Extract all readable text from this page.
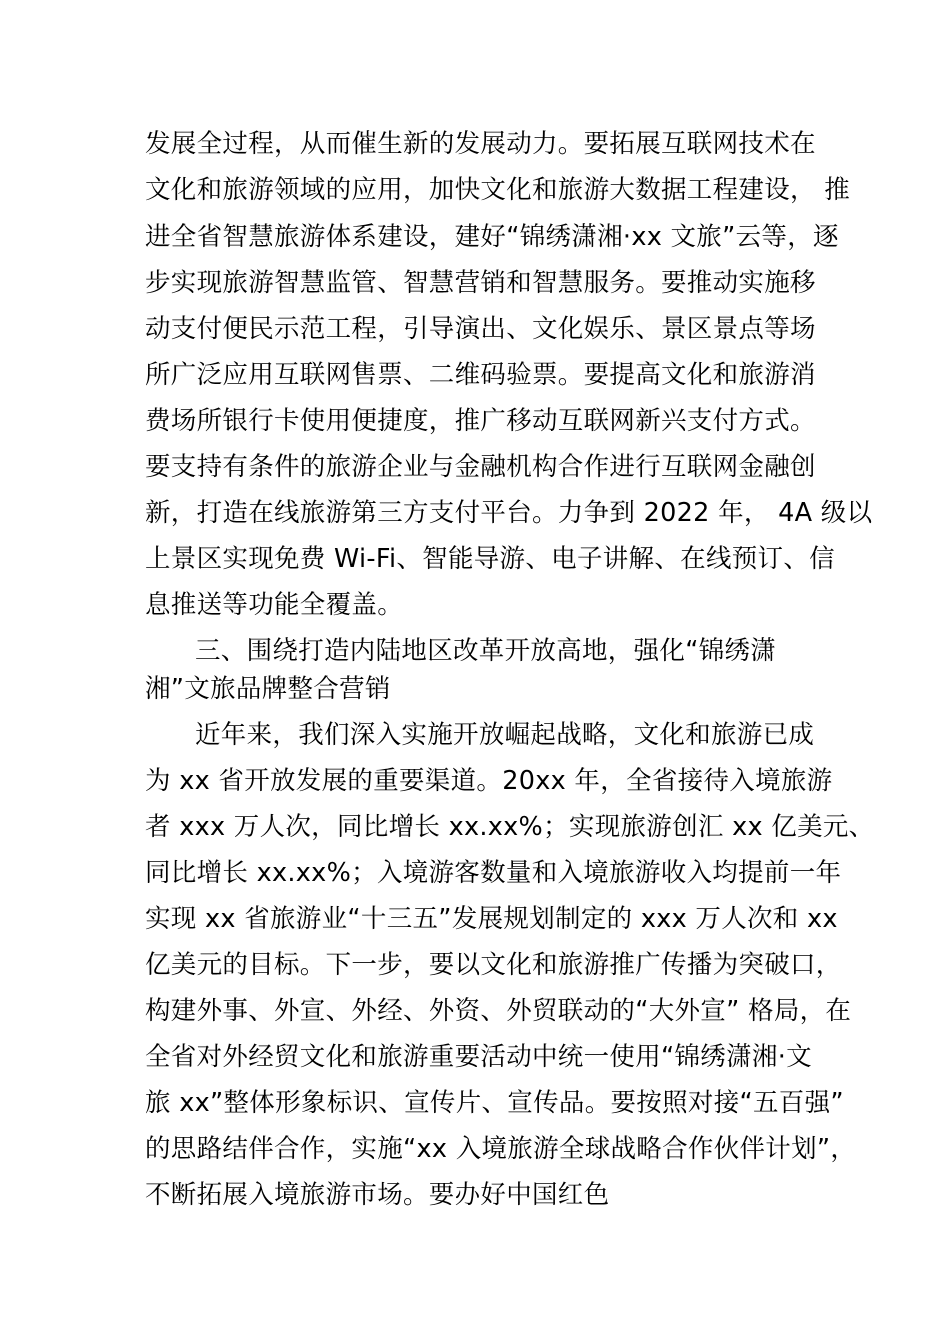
发展全过程，从而催生新的发展动力。要拓展互联网技术在
文化和旅游领域的应用，加快文化和旅游大数据工程建设， 推
进全省智慧旅游体系建设，建好“锦绣潇湘·xx 文旅”云等，逐
步实现旅游智慧监管、智慧营销和智慧服务。要推动实施移
动支付便民示范工程，引导演出、文化娱乐、景区景点等场
所广泛应用互联网售票、二维码验票。要提高文化和旅游消
费场所银行卡使用便捷度，推广移动互联网新兴支付方式。
要支持有条件的旅游企业与金融机构合作进行互联网金融创
新，打造在线旅游第三方支付平台。力争到 2022 年， 4A 级以
上景区实现免费 Wi-Fi、智能导游、电子讲解、在线预订、信
息推送等功能全覆盖。
三、围绕打造内陆地区改革开放高地，强化“锦绣潇
湘”文旅品牌整合营销
近年来，我们深入实施开放崛起战略，文化和旅游已成
为 xx 省开放发展的重要渠道。20xx 年，全省接待入境旅游
者 xxx 万人次，同比增长 xx.xx%；实现旅游创汇 xx 亿美元、
同比增长 xx.xx%；入境游客数量和入境旅游收入均提前一年
实现 xx 省旅游业“十三五”发展规划制定的 xxx 万人次和 xx
亿美元的目标。下一步，要以文化和旅游推广传播为突破口，
构建外事、外宣、外经、外资、外贸联动的“大外宣” 格局，在
全省对外经贸文化和旅游重要活动中统一使用“锦绣潇湘·文
旅 xx”整体形象标识、宣传片、宣传品。要按照对接“五百强”
的思路结伴合作，实施“xx 入境旅游全球战略合作伙伴计划”，
不断拓展入境旅游市场。要办好中国红色
